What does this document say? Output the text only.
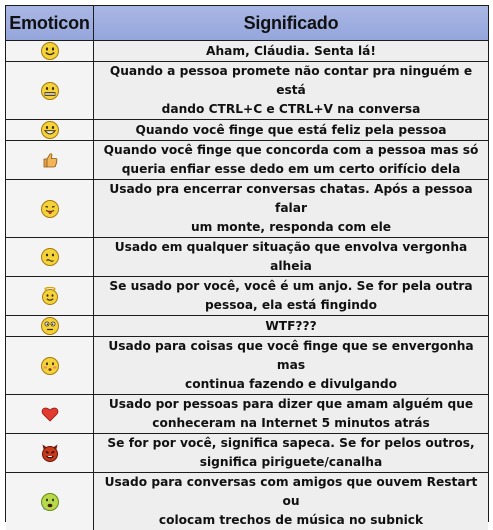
Emoticon	Significado
Aham, Cláudia. Senta lá!
Quando a pessoa promete não contar pra ninguém e está
dando CTRL+C e CTRL+V na conversa
Quando você finge que está feliz pela pessoa
Quando você finge que concorda com a pessoa mas só
queria enfiar esse dedo em um certo orifício dela
Usado pra encerrar conversas chatas. Após a pessoa falar
um monte, responda com ele
Usado em qualquer situação que envolva vergonha alheia
Se usado por você, você é um anjo. Se for pela outra
pessoa, ela está fingindo
WTF???
Usado para coisas que você finge que se envergonha mas
continua fazendo e divulgando
Usado por pessoas para dizer que amam alguém que
conheceram na Internet 5 minutos atrás
Se for por você, significa sapeca. Se for pelos outros,
significa piriguete/canalha
Usado para conversas com amigos que ouvem Restart ou
colocam trechos de música no subnick
